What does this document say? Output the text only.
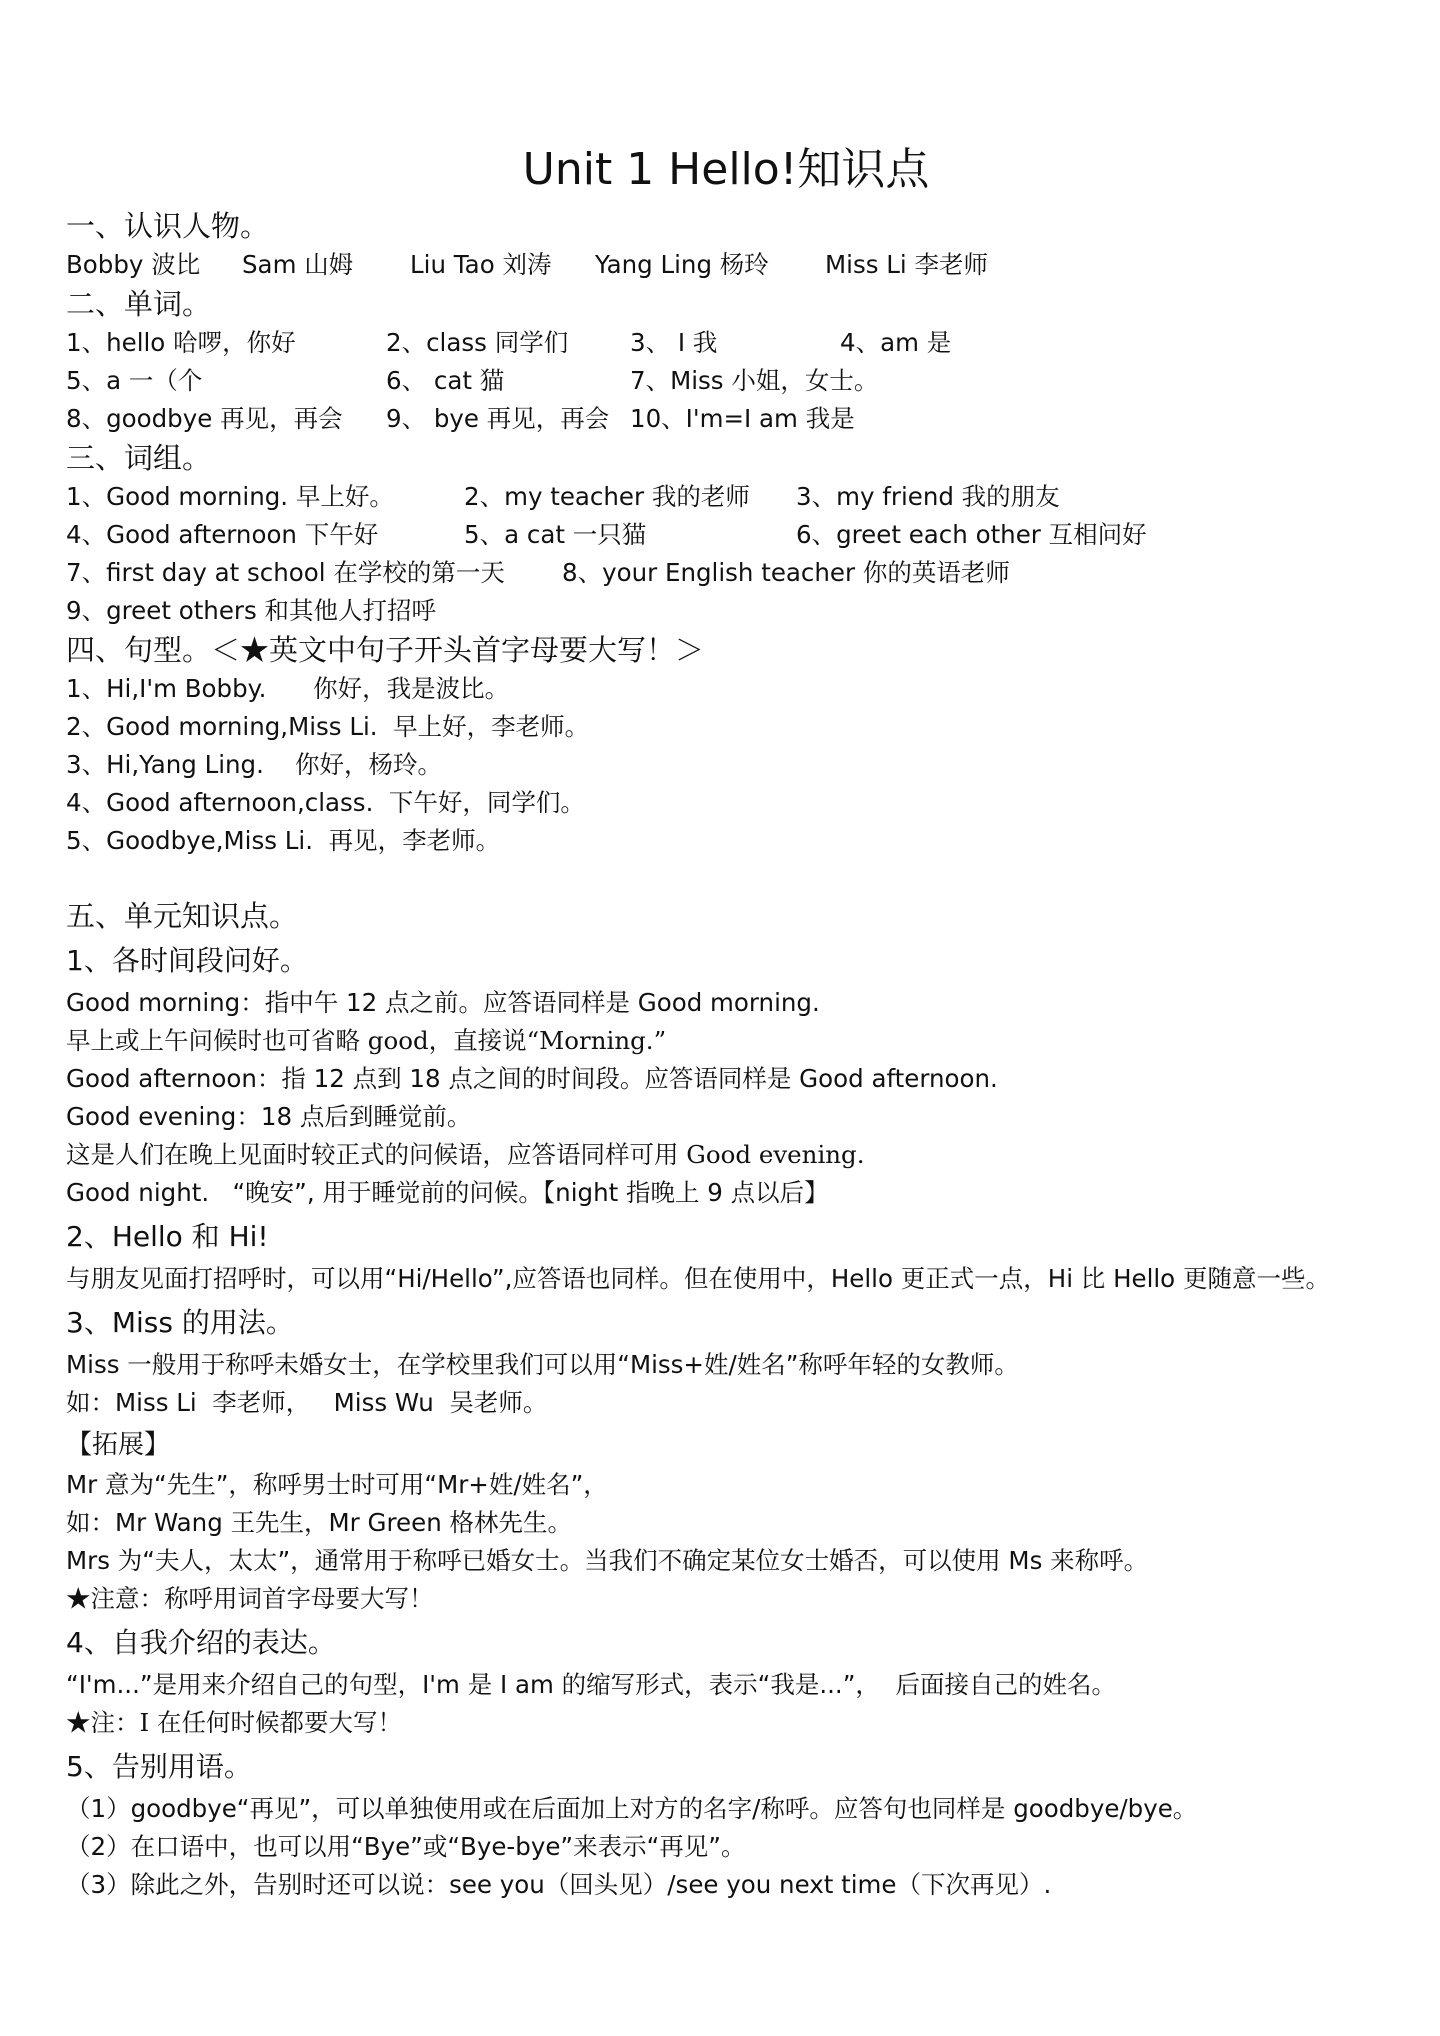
Unit 1 Hello!知识点
一、认识人物。
Bobby 波比	Sam 山姆	Liu Tao 刘涛	Yang Ling 杨玲	Miss Li 李老师
二、单词。
1、hello 哈啰，你好	2、class 同学们	3、 I 我	4、am 是
5、a 一（个	6、 cat 猫	7、Miss 小姐，女士。
8、goodbye 再见，再会	9、 bye 再见，再会 10、I'm=I am 我是
三、词组。
1、Good morning. 早上好。	2、my teacher 我的老师	3、my friend 我的朋友
4、Good afternoon 下午好	5、a cat 一只猫	6、greet each other 互相问好
7、first day at school 在学校的第一天	8、your English teacher 你的英语老师
9、greet others 和其他人打招呼
四、句型。＜★英文中句子开头首字母要大写！＞
1、Hi,I'm Bobby.      你好，我是波比。
2、Good morning,Miss Li.  早上好，李老师。
3、Hi,Yang Ling.    你好，杨玲。
4、Good afternoon,class.  下午好，同学们。
5、Goodbye,Miss Li.  再见，李老师。
五、单元知识点。
1、各时间段问好。
Good morning：指中午 12 点之前。应答语同样是 Good morning.
早上或上午问候时也可省略 good，直接说“Morning.”
Good afternoon：指 12 点到 18 点之间的时间段。应答语同样是 Good afternoon.
Good evening：18 点后到睡觉前。
这是人们在晚上见面时较正式的问候语，应答语同样可用 Good evening.
Good night.   “晚安”, 用于睡觉前的问候。【night 指晚上 9 点以后】
2、Hello 和 Hi!
与朋友见面打招呼时，可以用“Hi/Hello”,应答语也同样。但在使用中，Hello 更正式一点，Hi 比 Hello 更随意一些。
3、Miss 的用法。
Miss 一般用于称呼未婚女士，在学校里我们可以用“Miss+姓/姓名”称呼年轻的女教师。
如：Miss Li  李老师，   Miss Wu  吴老师。
【拓展】
Mr 意为“先生”，称呼男士时可用“Mr+姓/姓名”，
如：Mr Wang 王先生，Mr Green 格林先生。
Mrs 为“夫人，太太”，通常用于称呼已婚女士。当我们不确定某位女士婚否，可以使用 Ms 来称呼。
★注意：称呼用词首字母要大写！
4、自我介绍的表达。
“I'm...”是用来介绍自己的句型，I'm 是 I am 的缩写形式，表示“我是...”，  后面接自己的姓名。
★注：I 在任何时候都要大写！
5、告别用语。
（1）goodbye“再见”，可以单独使用或在后面加上对方的名字/称呼。应答句也同样是 goodbye/bye。
（2）在口语中，也可以用“Bye”或“Bye-bye”来表示“再见”。
（3）除此之外，告别时还可以说：see you（回头见）/see you next time（下次再见）.
